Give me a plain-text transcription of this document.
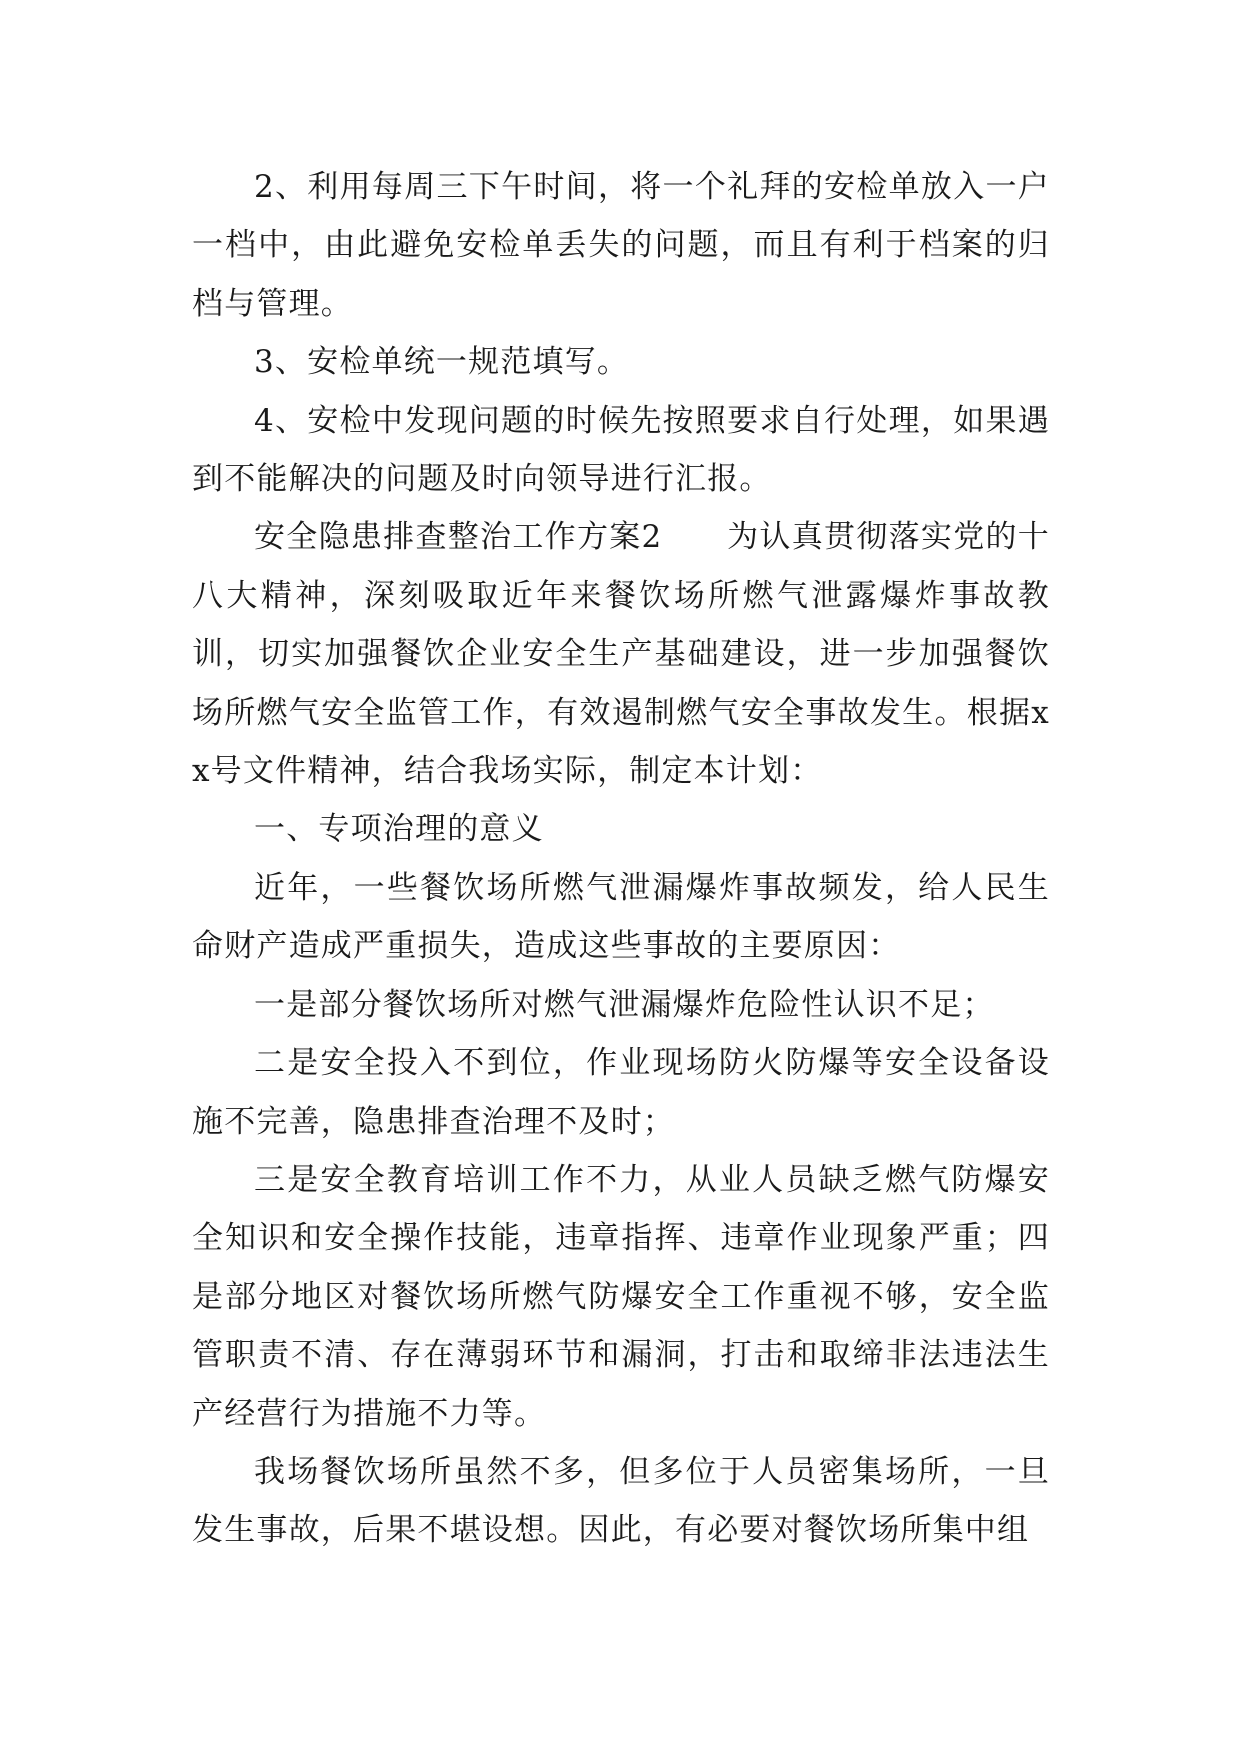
2、利用每周三下午时间，将一个礼拜的安检单放入一户一档中，由此避免安检单丢失的问题，而且有利于档案的归档与管理。

3、安检单统一规范填写。

4、安检中发现问题的时候先按照要求自行处理，如果遇到不能解决的问题及时向领导进行汇报。

安全隐患排查整治工作方案2　　为认真贯彻落实党的十八大精神，深刻吸取近年来餐饮场所燃气泄露爆炸事故教训，切实加强餐饮企业安全生产基础建设，进一步加强餐饮场所燃气安全监管工作，有效遏制燃气安全事故发生。根据xx号文件精神，结合我场实际，制定本计划：

一、专项治理的意义

近年，一些餐饮场所燃气泄漏爆炸事故频发，给人民生命财产造成严重损失，造成这些事故的主要原因：

一是部分餐饮场所对燃气泄漏爆炸危险性认识不足；

二是安全投入不到位，作业现场防火防爆等安全设备设施不完善，隐患排查治理不及时；

三是安全教育培训工作不力，从业人员缺乏燃气防爆安全知识和安全操作技能，违章指挥、违章作业现象严重；四是部分地区对餐饮场所燃气防爆安全工作重视不够，安全监管职责不清、存在薄弱环节和漏洞，打击和取缔非法违法生产经营行为措施不力等。

我场餐饮场所虽然不多，但多位于人员密集场所，一旦发生事故，后果不堪设想。因此，有必要对餐饮场所集中组
